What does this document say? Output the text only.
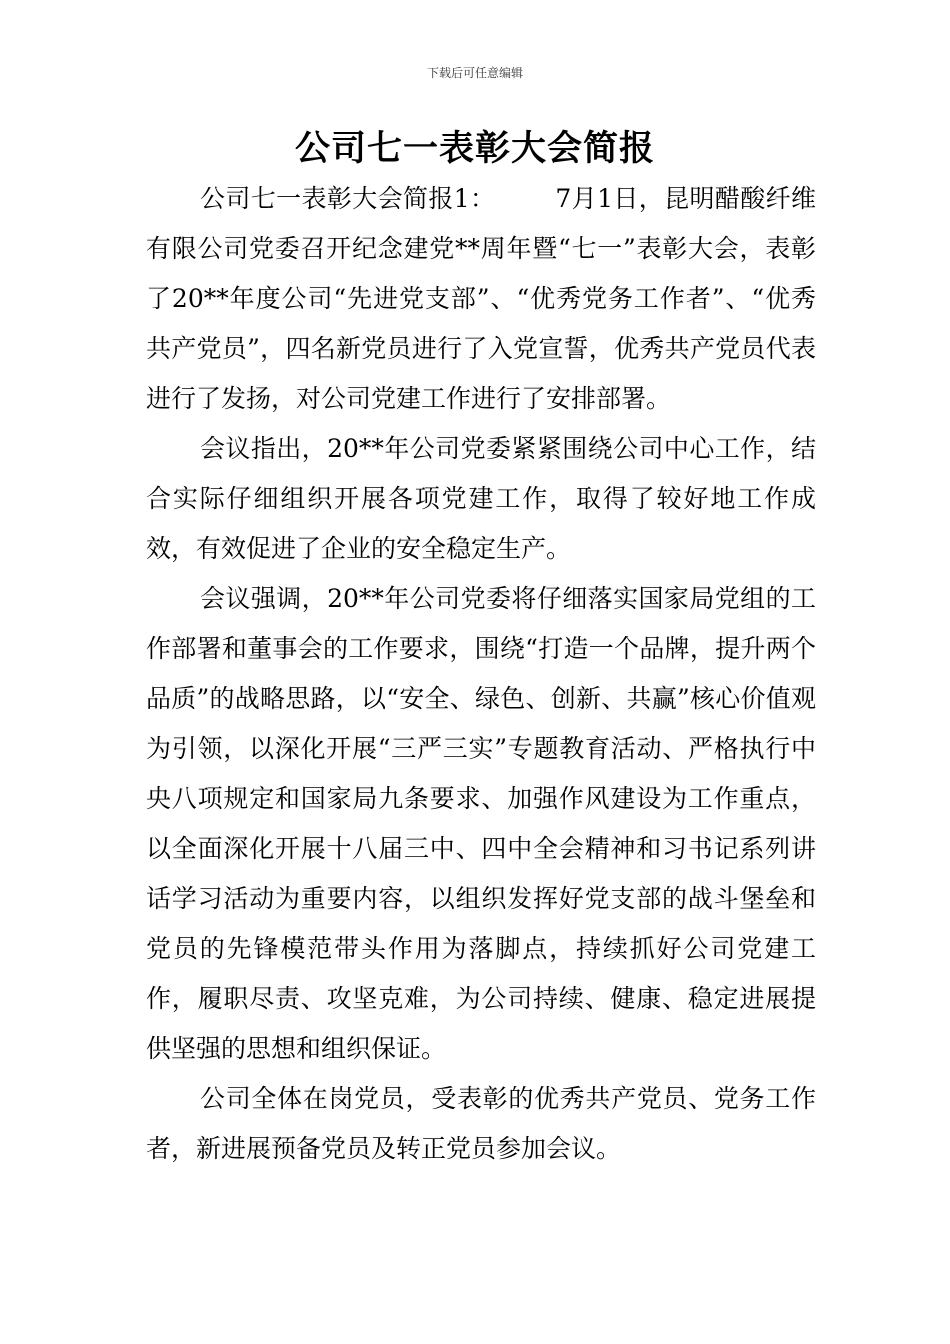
下载后可任意编辑
公司七一表彰大会简报

公司七一表彰大会简报1： 7月1日，昆明醋酸纤维有限公司党委召开纪念建党**周年暨“七一”表彰大会，表彰了20**年度公司“先进党支部”、“优秀党务工作者”、“优秀共产党员”，四名新党员进行了入党宣誓，优秀共产党员代表进行了发扬，对公司党建工作进行了安排部署。

会议指出，20**年公司党委紧紧围绕公司中心工作，结合实际仔细组织开展各项党建工作，取得了较好地工作成效，有效促进了企业的安全稳定生产。

会议强调，20**年公司党委将仔细落实国家局党组的工作部署和董事会的工作要求，围绕“打造一个品牌，提升两个品质”的战略思路，以“安全、绿色、创新、共赢”核心价值观为引领，以深化开展“三严三实”专题教育活动、严格执行中央八项规定和国家局九条要求、加强作风建设为工作重点，以全面深化开展十八届三中、四中全会精神和习书记系列讲话学习活动为重要内容，以组织发挥好党支部的战斗堡垒和党员的先锋模范带头作用为落脚点，持续抓好公司党建工作，履职尽责、攻坚克难，为公司持续、健康、稳定进展提供坚强的思想和组织保证。

公司全体在岗党员，受表彰的优秀共产党员、党务工作者，新进展预备党员及转正党员参加会议。
